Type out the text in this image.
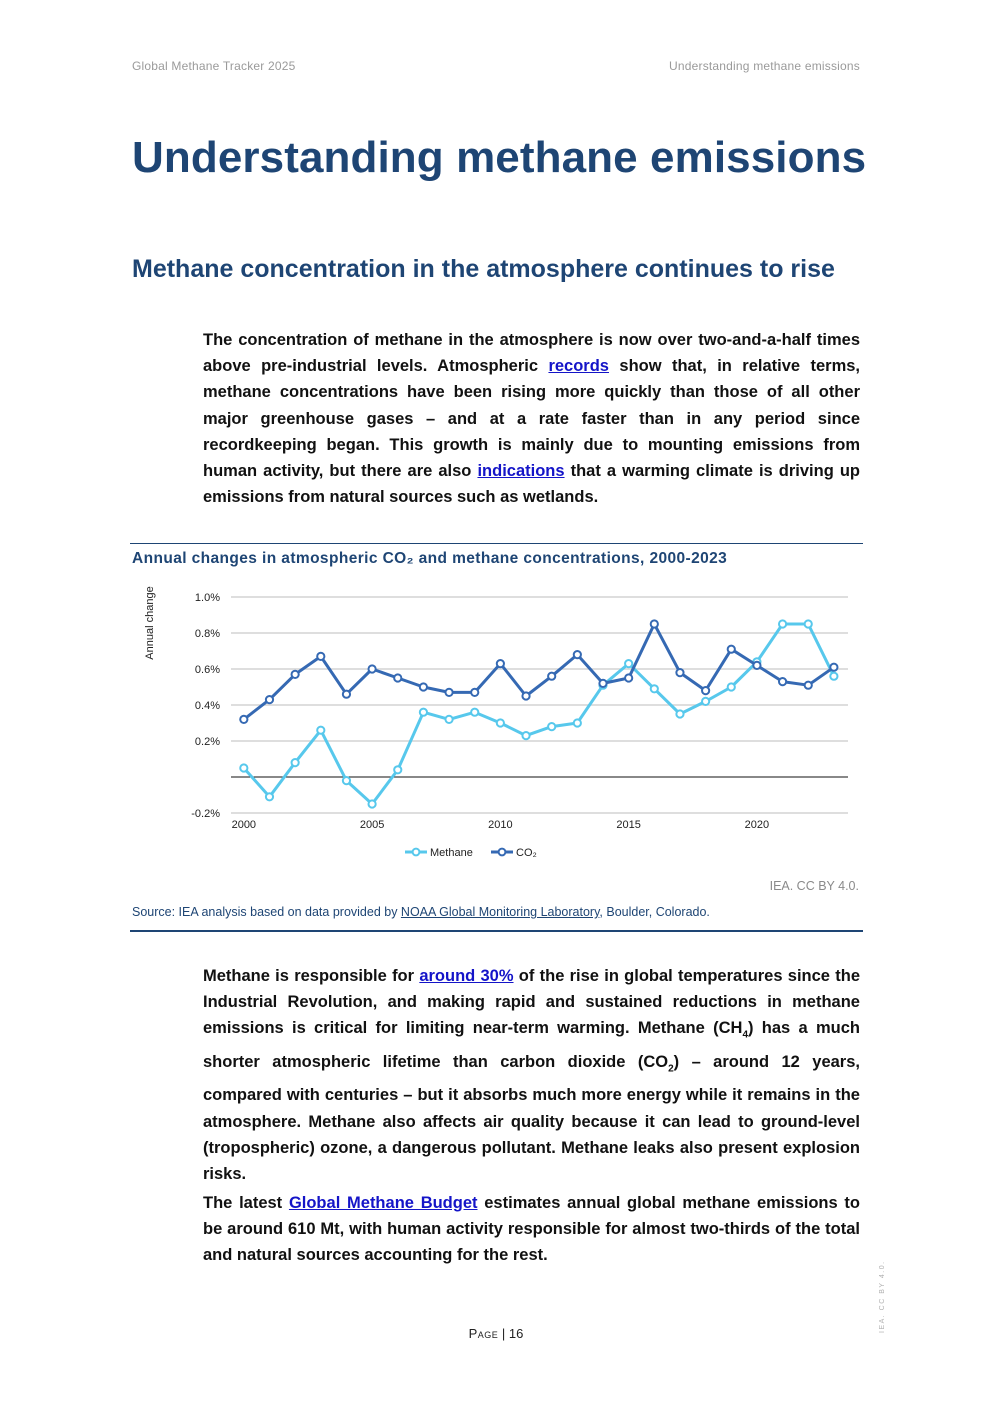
Global Methane Tracker 2025	Understanding methane emissions
Understanding methane emissions
Methane concentration in the atmosphere continues to rise

The concentration of methane in the atmosphere is now over two-and-a-half times above pre-industrial levels. Atmospheric records show that, in relative terms, methane concentrations have been rising more quickly than those of all other major greenhouse gases – and at a rate faster than in any period since recordkeeping began. This growth is mainly due to mounting emissions from human activity, but there are also indications that a warming climate is driving up emissions from natural sources such as wetlands.

Annual changes in atmospheric CO₂ and methane concentrations, 2000-2023
-0.2%
0.2%
0.4%
0.6%
0.8%
1.0%
2000	2005	2010	2015	2020
Annual change
Methane	CO₂
IEA. CC BY 4.0.
Source: IEA analysis based on data provided by NOAA Global Monitoring Laboratory, Boulder, Colorado.

Methane is responsible for around 30% of the rise in global temperatures since the Industrial Revolution, and making rapid and sustained reductions in methane emissions is critical for limiting near-term warming. Methane $(CH_4)$ has a much shorter atmospheric lifetime than carbon dioxide $(CO_2)$ – around 12 years, compared with centuries – but it absorbs much more energy while it remains in the atmosphere. Methane also affects air quality because it can lead to ground-level (tropospheric) ozone, a dangerous pollutant. Methane leaks also present explosion risks.

The latest Global Methane Budget estimates annual global methane emissions to be around 610 Mt, with human activity responsible for almost two-thirds of the total and natural sources accounting for the rest.

Page | 16
IEA. CC BY 4.0.
